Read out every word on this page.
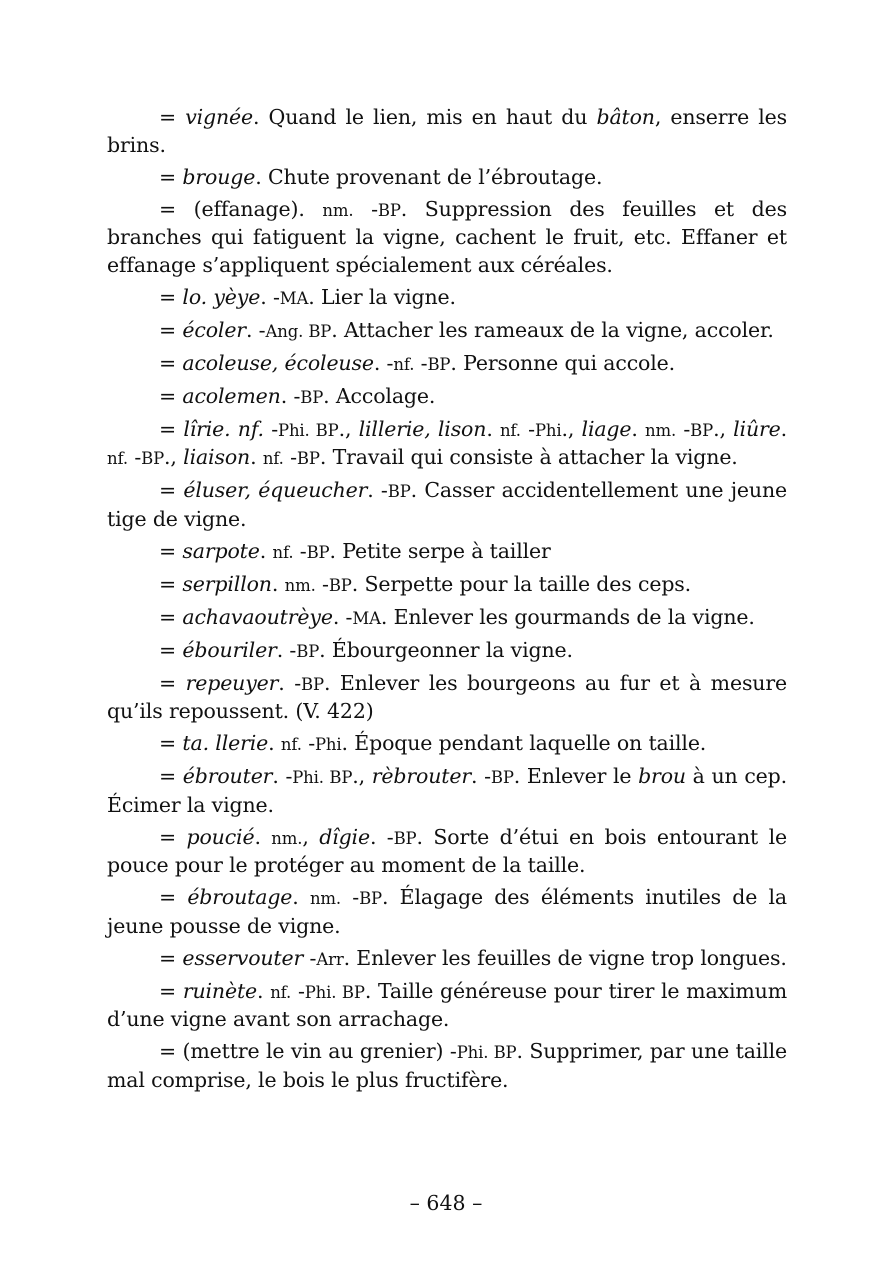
= vignée. Quand le lien, mis en haut du bâton, enserre les brins.

= brouge. Chute provenant de l’ébroutage.

= (effanage). nm. -BP. Suppression des feuilles et des branches qui fatiguent la vigne, cachent le fruit, etc. Effaner et effanage s’appliquent spécialement aux céréales.

= lo. yèye. -MA. Lier la vigne.

= écoler. -Ang. BP. Attacher les rameaux de la vigne, accoler.

= acoleuse, écoleuse. -nf. -BP. Personne qui accole.

= acolemen. -BP. Accolage.

= lîrie. nf. -Phi. BP., lillerie, lison. nf. -Phi., liage. nm. -BP., liûre. nf. -BP., liaison. nf. -BP. Travail qui consiste à attacher la vigne.

= éluser, équeucher. -BP. Casser accidentellement une jeune tige de vigne.

= sarpote. nf. -BP. Petite serpe à tailler

= serpillon. nm. -BP. Serpette pour la taille des ceps.

= achavaoutrèye. -MA. Enlever les gourmands de la vigne.

= ébouriler. -BP. Ébourgeonner la vigne.

= repeuyer. -BP. Enlever les bourgeons au fur et à mesure qu’ils repoussent. (V. 422)

= ta. llerie. nf. -Phi. Époque pendant laquelle on taille.

= ébrouter. -Phi. BP., rèbrouter. -BP. Enlever le brou à un cep. Écimer la vigne.

= poucié. nm., dîgie. -BP. Sorte d’étui en bois entourant le pouce pour le protéger au moment de la taille.

= ébroutage. nm. -BP. Élagage des éléments inutiles de la jeune pousse de vigne.

= esservouter -Arr. Enlever les feuilles de vigne trop longues.

= ruinète. nf. -Phi. BP. Taille généreuse pour tirer le maximum d’une vigne avant son arrachage.

= (mettre le vin au grenier) -Phi. BP. Supprimer, par une taille mal comprise, le bois le plus fructifère.

– 648 –
